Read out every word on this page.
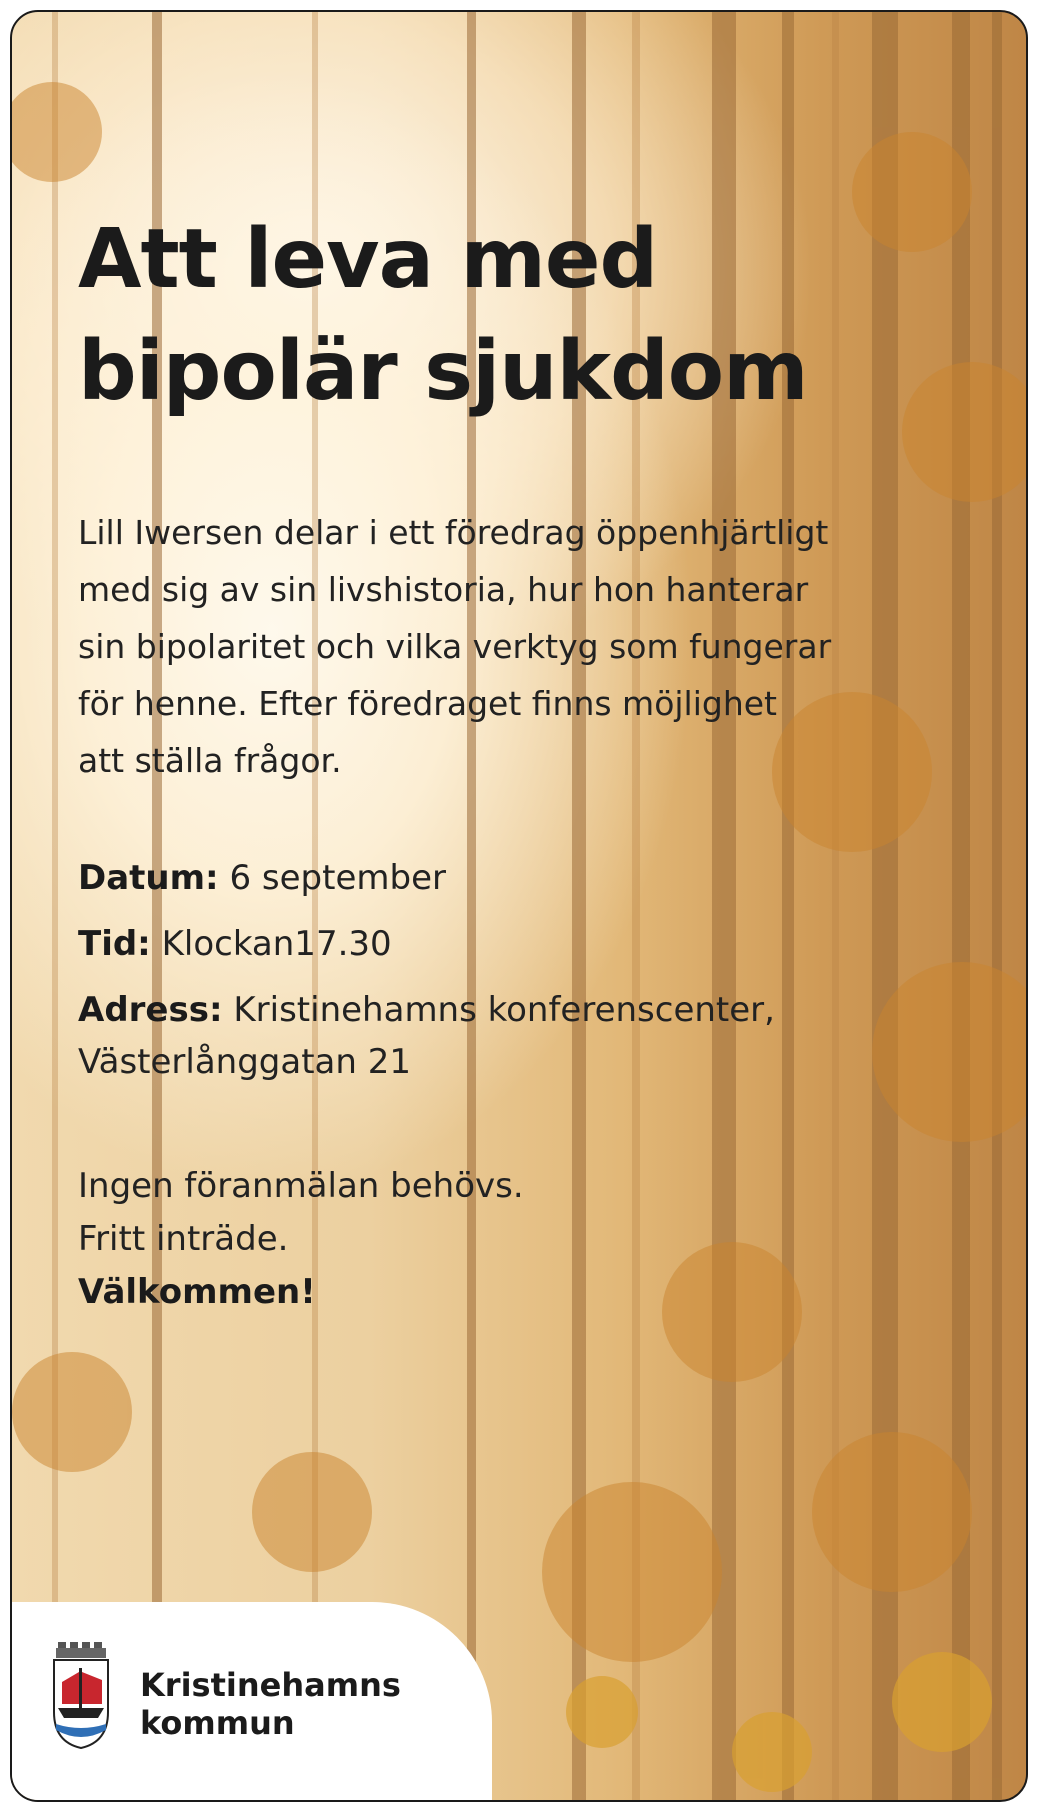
Att leva med
bipolär sjukdom

Lill Iwersen delar i ett föredrag öppenhjärtligt
med sig av sin livshistoria, hur hon hanterar
sin bipolaritet och vilka verktyg som fungerar
för henne. Efter föredraget finns möjlighet
att ställa frågor.

Datum: 6 september
Tid: Klockan17.30
Adress: Kristinehamns konferenscenter,
Västerlånggatan 21
Ingen föranmälan behövs.
Fritt inträde.
Välkommen!
Kristinehamns
kommun
